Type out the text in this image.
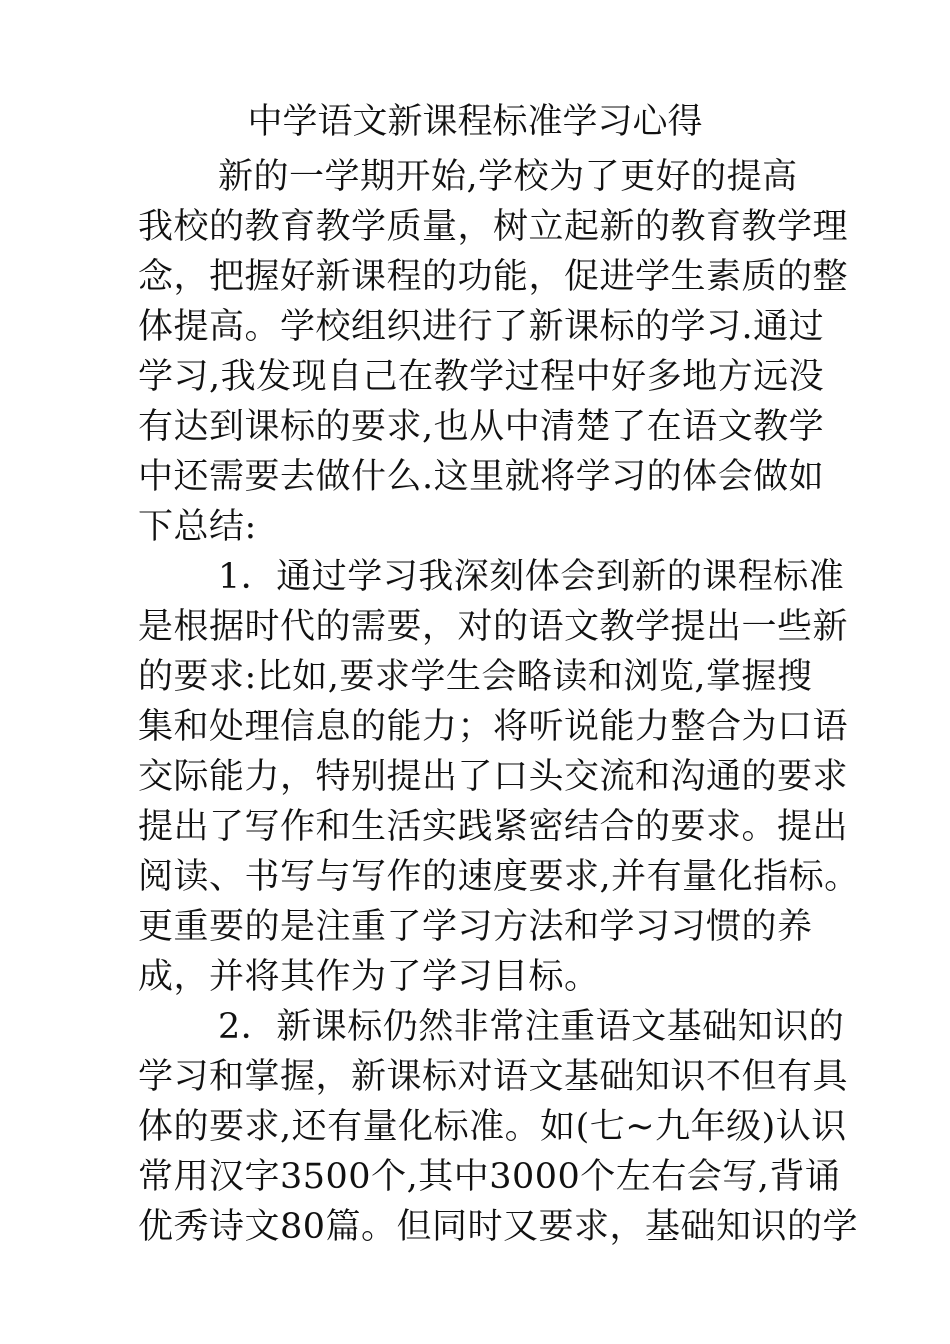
中学语文新课程标准学习心得
新的一学期开始,学校为了更好的提高
我校的教育教学质量，树立起新的教育教学理
念，把握好新课程的功能，促进学生素质的整
体提高。学校组织进行了新课标的学习.通过
学习,我发现自己在教学过程中好多地方远没
有达到课标的要求,也从中清楚了在语文教学
中还需要去做什么.这里就将学习的体会做如
下总结:
1．通过学习我深刻体会到新的课程标准
是根据时代的需要，对的语文教学提出一些新
的要求:比如,要求学生会略读和浏览,掌握搜
集和处理信息的能力；将听说能力整合为口语
交际能力，特别提出了口头交流和沟通的要求
提出了写作和生活实践紧密结合的要求。提出
阅读、书写与写作的速度要求,并有量化指标。
更重要的是注重了学习方法和学习习惯的养
成，并将其作为了学习目标。
2．新课标仍然非常注重语文基础知识的
学习和掌握，新课标对语文基础知识不但有具
体的要求,还有量化标准。如(七~九年级)认识
常用汉字3500个,其中3000个左右会写,背诵
优秀诗文80篇。但同时又要求，基础知识的学
